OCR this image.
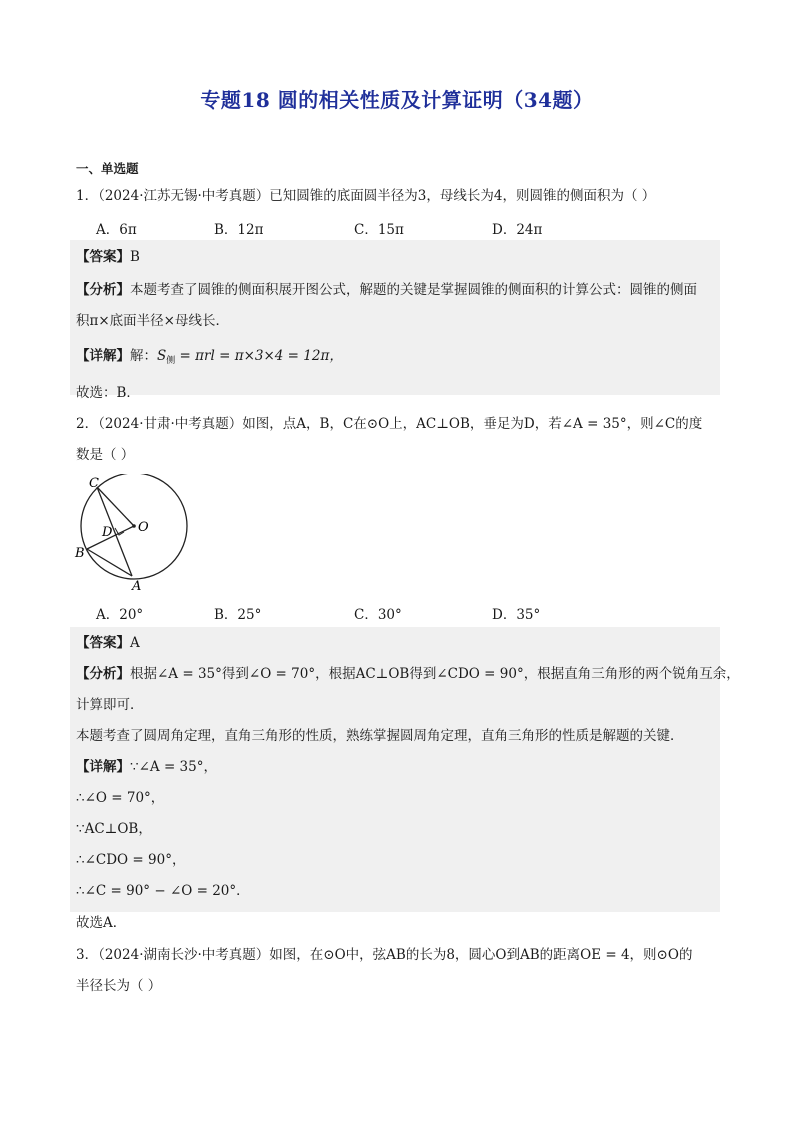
专题18 圆的相关性质及计算证明（34题）
一、单选题
1．（2024·江苏无锡·中考真题）已知圆锥的底面圆半径为3，母线长为4，则圆锥的侧面积为（ ）
A．6π	B．12π	C．15π	D．24π
【答案】B
【分析】本题考查了圆锥的侧面积展开图公式，解题的关键是掌握圆锥的侧面积的计算公式：圆锥的侧面
积π×底面半径×母线长．
【详解】解：$S_侧 = \pi rl = \pi\times 3\times 4 = 12\pi$，
故选：B．
2．（2024·甘肃·中考真题）如图，点A，B，C在⊙O上，AC⊥OB，垂足为D，若∠A = 35°，则∠C的度
数是（ ）
C
D O
B
A
A．20°	B．25°	C．30°	D．35°
【答案】A
【分析】根据∠A = 35°得到∠O = 70°，根据AC⊥OB得到∠CDO = 90°，根据直角三角形的两个锐角互余，
计算即可．
本题考查了圆周角定理，直角三角形的性质，熟练掌握圆周角定理，直角三角形的性质是解题的关键．
【详解】∵∠A = 35°，
∴∠O = 70°，
∵AC⊥OB，
∴∠CDO = 90°，
∴∠C = 90° − ∠O = 20°．
故选A．
3．（2024·湖南长沙·中考真题）如图，在⊙O中，弦AB的长为8，圆心O到AB的距离OE = 4，则⊙O的
半径长为（ ）
